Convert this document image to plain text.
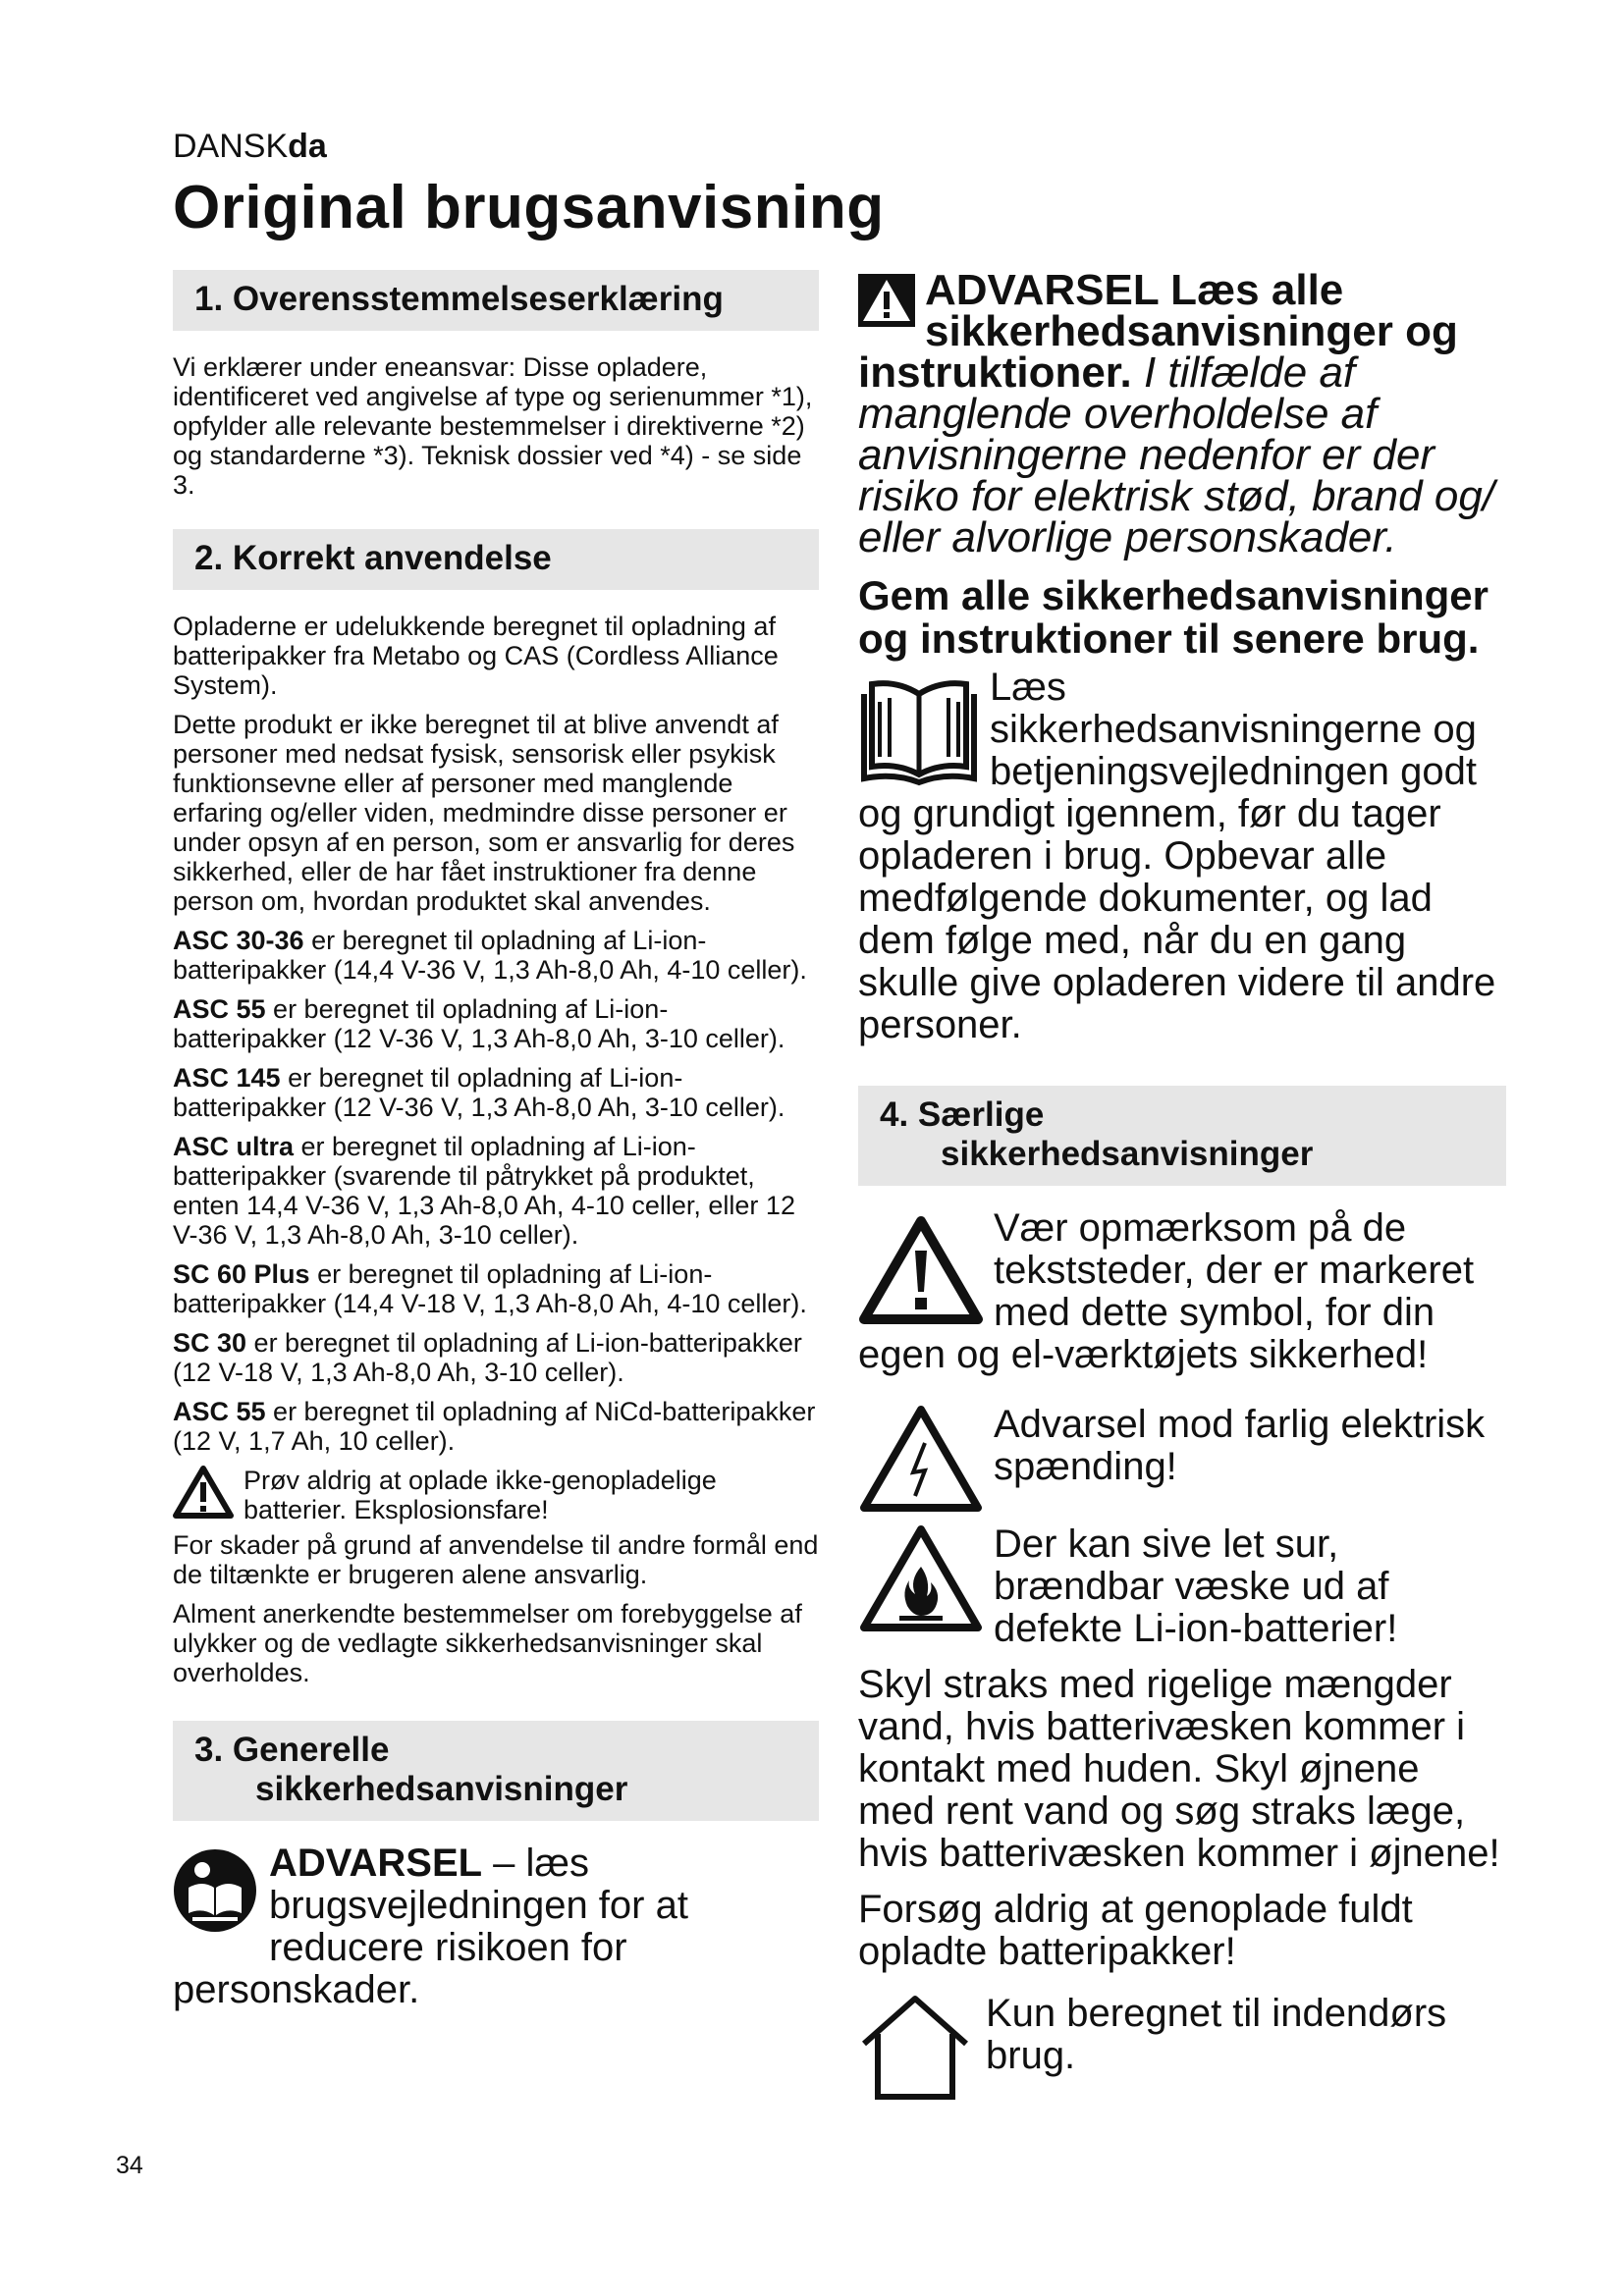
DANSKda
Original brugsanvisning
1. Overensstemmelseserklæring

Vi erklærer under eneansvar: Disse opladere, identificeret ved angivelse af type og serienummer *1), opfylder alle relevante bestemmelser i direktiverne *2) og standarderne *3). Teknisk dossier ved *4) - se side 3.

2. Korrekt anvendelse

Opladerne er udelukkende beregnet til opladning af batteripakker fra Metabo og CAS (Cordless Alliance System).

Dette produkt er ikke beregnet til at blive anvendt af personer med nedsat fysisk, sensorisk eller psykisk funktionsevne eller af personer med manglende erfaring og/eller viden, medmindre disse personer er under opsyn af en person, som er ansvarlig for deres sikkerhed, eller de har fået instruktioner fra denne person om, hvordan produktet skal anvendes.

ASC 30-36 er beregnet til opladning af Li-ion-batteripakker (14,4 V-36 V, 1,3 Ah-8,0 Ah, 4-10 celler).

ASC 55 er beregnet til opladning af Li-ion-batteripakker (12 V-36 V, 1,3 Ah-8,0 Ah, 3-10 celler).

ASC 145 er beregnet til opladning af Li-ion-batteripakker (12 V-36 V, 1,3 Ah-8,0 Ah, 3-10 celler).

ASC ultra er beregnet til opladning af Li-ion-batteripakker (svarende til påtrykket på produktet, enten 14,4 V-36 V, 1,3 Ah-8,0 Ah, 4-10 celler, eller 12 V-36 V, 1,3 Ah-8,0 Ah, 3-10 celler).

SC 60 Plus er beregnet til opladning af Li-ion-batteripakker (14,4 V-18 V, 1,3 Ah-8,0 Ah, 4-10 celler).

SC 30 er beregnet til opladning af Li-ion-batteripakker (12 V-18 V, 1,3 Ah-8,0 Ah, 3-10 celler).

ASC 55 er beregnet til opladning af NiCd-batteripakker (12 V, 1,7 Ah, 10 celler).

Prøv aldrig at oplade ikke-genopladelige batterier. Eksplosionsfare!

For skader på grund af anvendelse til andre formål end de tiltænkte er brugeren alene ansvarlig.

Alment anerkendte bestemmelser om forebyggelse af ulykker og de vedlagte sikkerhedsanvisninger skal overholdes.

3. Generelle
sikkerhedsanvisninger
ADVARSEL – læs brugsvejledningen for at reducere risikoen for personskader.
ADVARSEL Læs alle sikkerhedsanvisninger og instruktioner. I tilfælde af manglende overholdelse af anvisningerne nedenfor er der risiko for elektrisk stød, brand og/ eller alvorlige personskader.
Gem alle sikkerhedsanvisninger og instruktioner til senere brug.
Læs sikkerhedsanvisningerne og betjeningsvejledningen godt og grundigt igennem, før du tager opladeren i brug. Opbevar alle medfølgende dokumenter, og lad dem følge med, når du en gang skulle give opladeren videre til andre personer.
4. Særlige
sikkerhedsanvisninger
Vær opmærksom på de tekststeder, der er markeret med dette symbol, for din egen og el-værktøjets sikkerhed!
Advarsel mod farlig elektrisk spænding!
Der kan sive let sur, brændbar væske ud af defekte Li-ion-batterier!

Skyl straks med rigelige mængder vand, hvis batterivæsken kommer i kontakt med huden. Skyl øjnene med rent vand og søg straks læge, hvis batterivæsken kommer i øjnene!

Forsøg aldrig at genoplade fuldt opladte batteripakker!

Kun beregnet til indendørs brug.
34
